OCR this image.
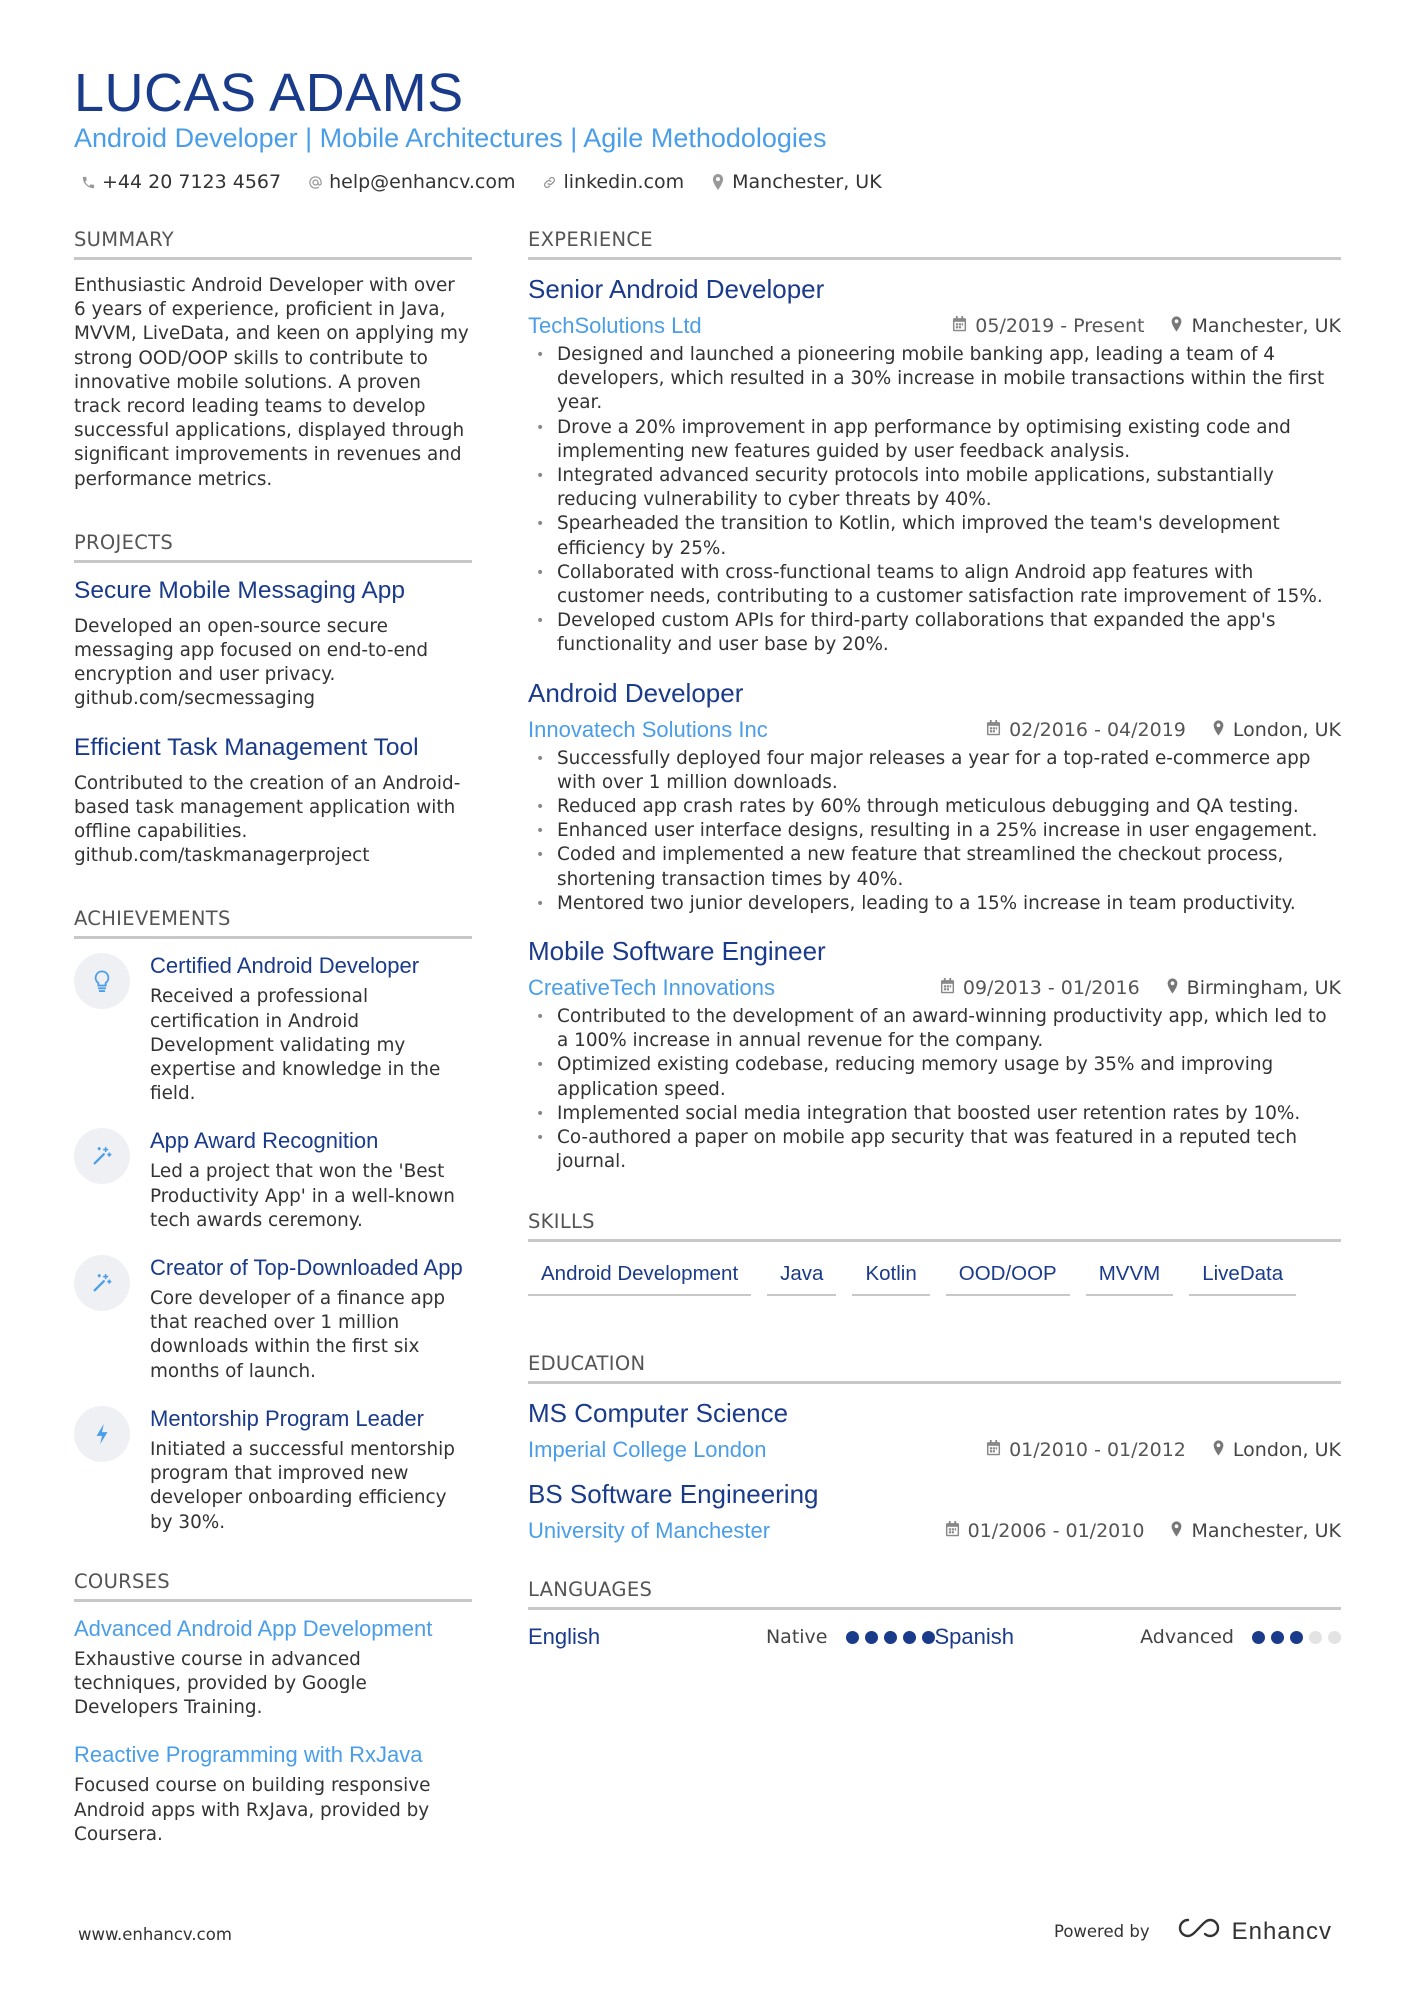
LUCAS ADAMS
Android Developer | Mobile Architectures | Agile Methodologies
+44 20 7123 4567	help@enhancv.com	linkedin.com	Manchester, UK
SUMMARY
Enthusiastic Android Developer with over 6 years of experience, proficient in Java, MVVM, LiveData, and keen on applying my strong OOD/OOP skills to contribute to innovative mobile solutions. A proven track record leading teams to develop successful applications, displayed through significant improvements in revenues and performance metrics.
PROJECTS
Secure Mobile Messaging App
Developed an open-source secure messaging app focused on end-to-end encryption and user privacy. github.com/secmessaging
Efficient Task Management Tool
Contributed to the creation of an Android-based task management application with offline capabilities. github.com/taskmanagerproject
ACHIEVEMENTS
Certified Android Developer
Received a professional certification in Android Development validating my expertise and knowledge in the field.
App Award Recognition
Led a project that won the 'Best Productivity App' in a well-known tech awards ceremony.
Creator of Top-Downloaded App
Core developer of a finance app that reached over 1 million downloads within the first six months of launch.
Mentorship Program Leader
Initiated a successful mentorship program that improved new developer onboarding efficiency by 30%.
COURSES
Advanced Android App Development
Exhaustive course in advanced techniques, provided by Google Developers Training.
Reactive Programming with RxJava
Focused course on building responsive Android apps with RxJava, provided by Coursera.
EXPERIENCE
Senior Android Developer
TechSolutions Ltd	05/2019 - Present Manchester, UK
• Designed and launched a pioneering mobile banking app, leading a team of 4 developers, which resulted in a 30% increase in mobile transactions within the first year.
• Drove a 20% improvement in app performance by optimising existing code and implementing new features guided by user feedback analysis.
• Integrated advanced security protocols into mobile applications, substantially reducing vulnerability to cyber threats by 40%.
• Spearheaded the transition to Kotlin, which improved the team's development efficiency by 25%.
• Collaborated with cross-functional teams to align Android app features with customer needs, contributing to a customer satisfaction rate improvement of 15%.
• Developed custom APIs for third-party collaborations that expanded the app's functionality and user base by 20%.
Android Developer
Innovatech Solutions Inc	02/2016 - 04/2019 London, UK
• Successfully deployed four major releases a year for a top-rated e-commerce app with over 1 million downloads.
• Reduced app crash rates by 60% through meticulous debugging and QA testing.
• Enhanced user interface designs, resulting in a 25% increase in user engagement.
• Coded and implemented a new feature that streamlined the checkout process, shortening transaction times by 40%.
• Mentored two junior developers, leading to a 15% increase in team productivity.
Mobile Software Engineer
CreativeTech Innovations	09/2013 - 01/2016 Birmingham, UK
• Contributed to the development of an award-winning productivity app, which led to a 100% increase in annual revenue for the company.
• Optimized existing codebase, reducing memory usage by 35% and improving application speed.
• Implemented social media integration that boosted user retention rates by 10%.
• Co-authored a paper on mobile app security that was featured in a reputed tech journal.
SKILLS
Android Development	Java	Kotlin	OOD/OOP	MVVM	LiveData
EDUCATION
MS Computer Science
Imperial College London	01/2010 - 01/2012 London, UK
BS Software Engineering
University of Manchester	01/2006 - 01/2010 Manchester, UK
LANGUAGES
English	Native	Spanish	Advanced
www.enhancv.com	Powered by	Enhancv
